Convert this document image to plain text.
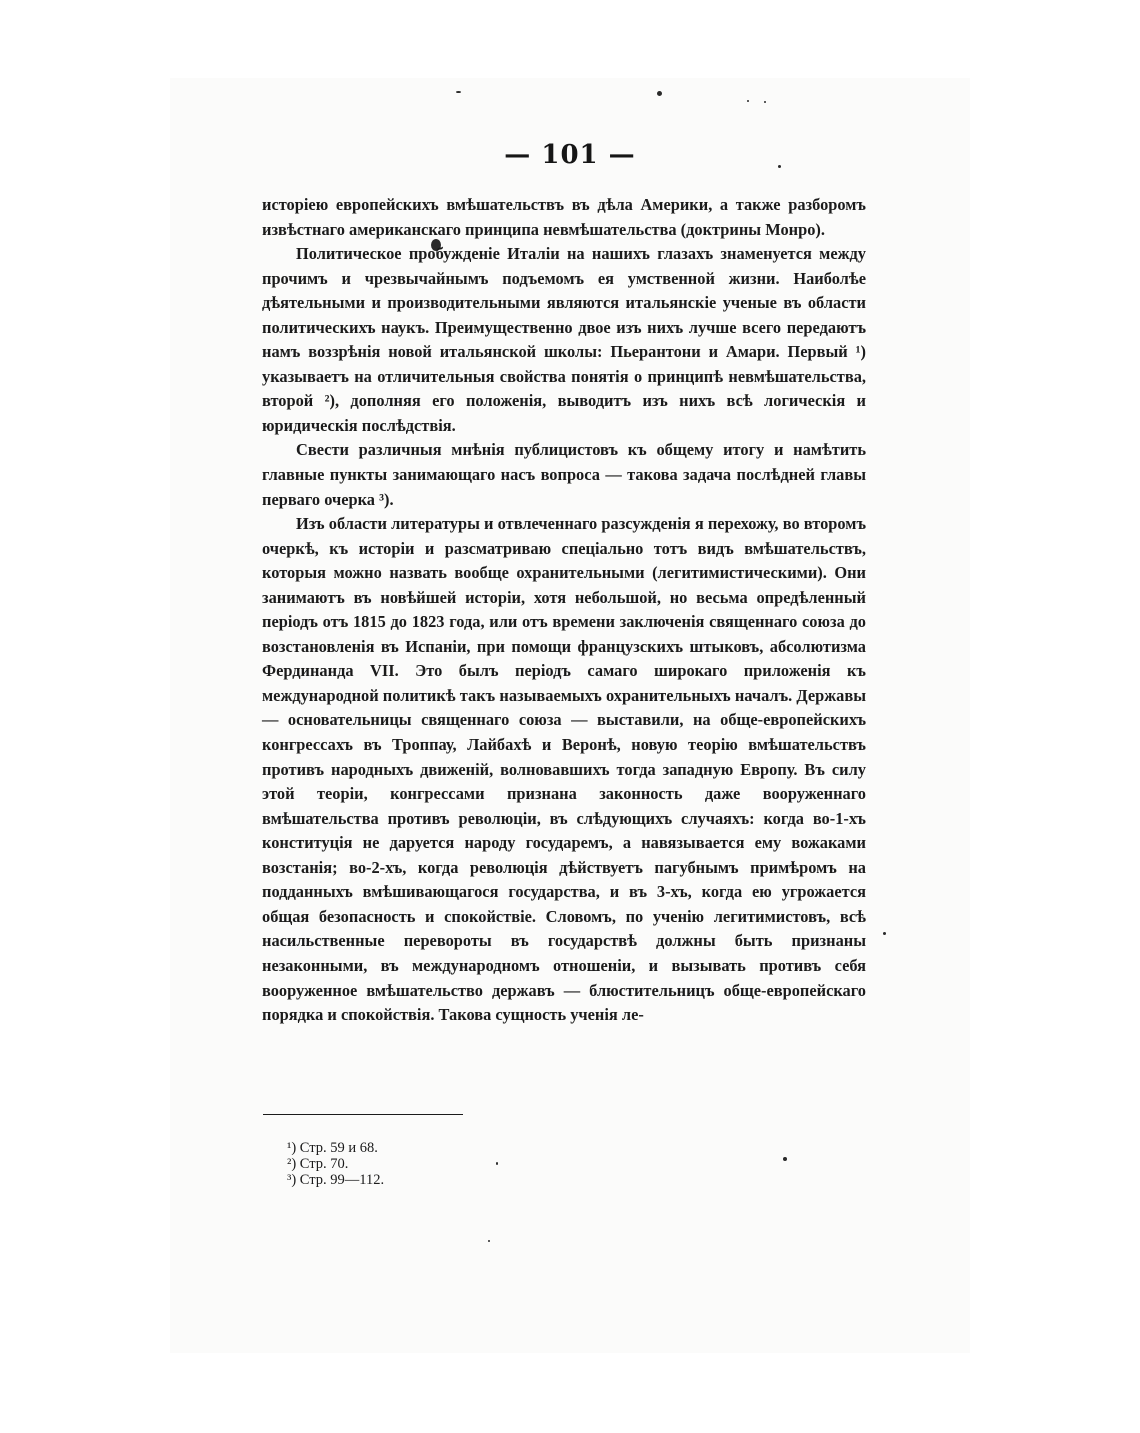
— 101 —

исторіею европейскихъ вмѣшательствъ въ дѣла Америки, а также разборомъ извѣстнаго американскаго принципа невмѣшательства (доктрины Монро).

Политическое пробужденіе Италіи на нашихъ глазахъ знаменуется между прочимъ и чрезвычайнымъ подъемомъ ея умственной жизни. Наиболѣе дѣятельными и производительными являются итальянскіе ученые въ области политическихъ наукъ. Преимущественно двое изъ нихъ лучше всего передаютъ намъ воззрѣнія новой итальянской школы: Пьерантони и Амари. Первый ¹) указываетъ на отличительныя свойства понятія о принципѣ невмѣшательства, второй ²), дополняя его положенія, выводитъ изъ нихъ всѣ логическія и юридическія послѣдствія.

Свести различныя мнѣнія публицистовъ къ общему итогу и намѣтить главные пункты занимающаго насъ вопроса — такова задача послѣдней главы перваго очерка ³).

Изъ области литературы и отвлеченнаго разсужденія я перехожу, во второмъ очеркѣ, къ исторіи и разсматриваю спеціально тотъ видъ вмѣшательствъ, которыя можно назвать вообще охранительными (легитимистическими). Они занимаютъ въ новѣйшей исторіи, хотя небольшой, но весьма опредѣленный періодъ отъ 1815 до 1823 года, или отъ времени заключенія священнаго союза до возстановленія въ Испаніи, при помощи французскихъ штыковъ, абсолютизма Фердинанда VII. Это былъ періодъ самаго широкаго приложенія къ международной политикѣ такъ называемыхъ охранительныхъ началъ. Державы — основательницы священнаго союза — выставили, на обще-европейскихъ конгрессахъ въ Троппау, Лайбахѣ и Веронѣ, новую теорію вмѣшательствъ противъ народныхъ движеній, волновавшихъ тогда западную Европу. Въ силу этой теоріи, конгрессами признана законность даже вооруженнаго вмѣшательства противъ революціи, въ слѣдующихъ случаяхъ: когда во-1-хъ конституція не даруется народу государемъ, а навязывается ему вожаками возстанія; во-2-хъ, когда революція дѣйствуетъ пагубнымъ примѣромъ на подданныхъ вмѣшивающагося государства, и въ 3-хъ, когда ею угрожается общая безопасность и спокойствіе. Словомъ, по ученію легитимистовъ, всѣ насильственные перевороты въ государствѣ должны быть признаны незаконными, въ международномъ отношеніи, и вызывать противъ себя вооруженное вмѣшательство державъ — блюстительницъ обще-европейскаго порядка и спокойствія. Такова сущность ученія ле-

¹) Стр. 59 и 68.
²) Стр. 70.
³) Стр. 99—112.
